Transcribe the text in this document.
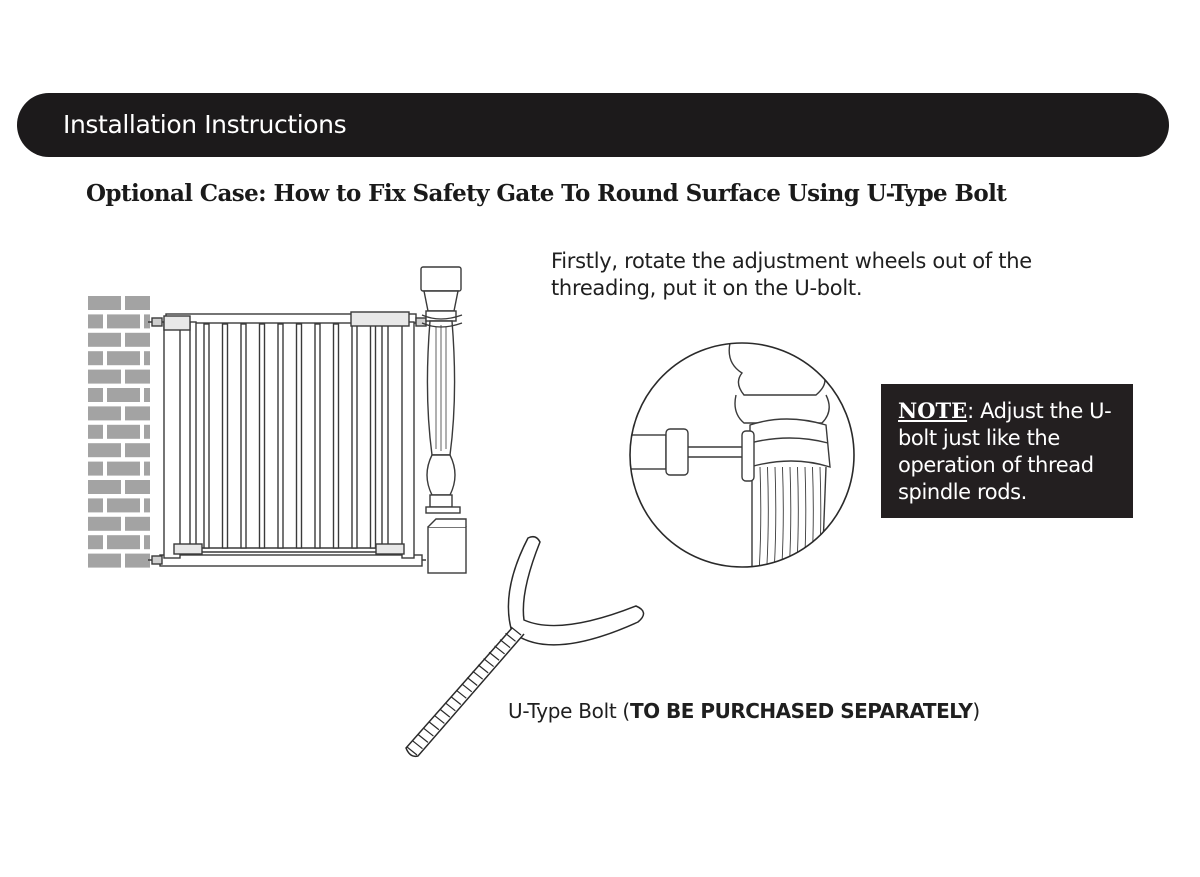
Installation Instructions
Optional Case: How to Fix Safety Gate To Round Surface Using U-Type Bolt
Firstly, rotate the adjustment wheels out of the threading, put it on the U-bolt.
NOTE: Adjust the U-bolt just like the operation of thread spindle rods.
U-Type Bolt (TO BE PURCHASED SEPARATELY)
